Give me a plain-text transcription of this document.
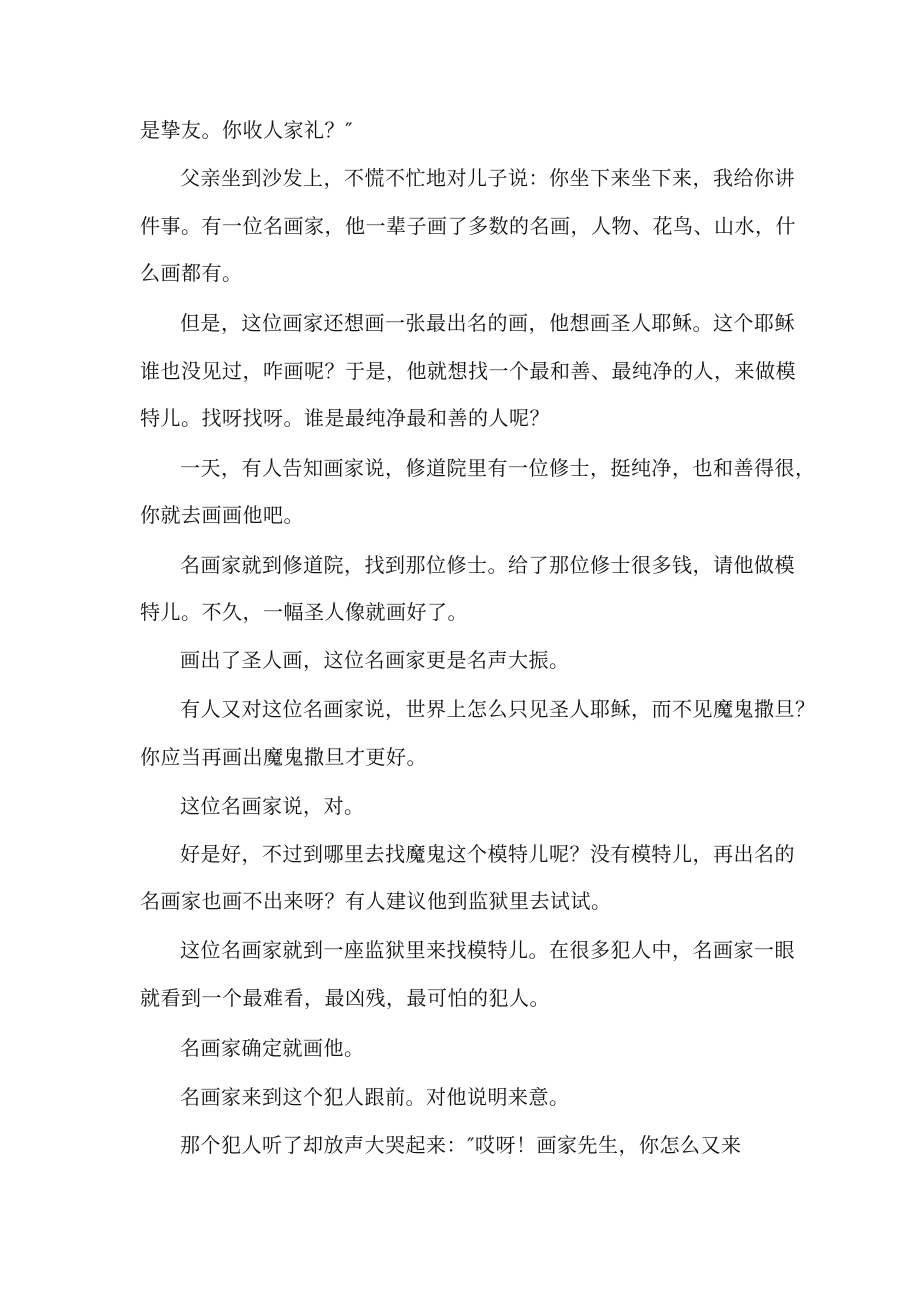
是挚友。你收人家礼？″
父亲坐到沙发上，不慌不忙地对儿子说：你坐下来坐下来，我给你讲
件事。有一位名画家，他一辈子画了多数的名画，人物、花鸟、山水，什
么画都有。
但是，这位画家还想画一张最出名的画，他想画圣人耶稣。这个耶稣
谁也没见过，咋画呢？于是，他就想找一个最和善、最纯净的人，来做模
特儿。找呀找呀。谁是最纯净最和善的人呢？
一天，有人告知画家说，修道院里有一位修士，挺纯净，也和善得很，
你就去画画他吧。
名画家就到修道院，找到那位修士。给了那位修士很多钱，请他做模
特儿。不久，一幅圣人像就画好了。
画出了圣人画，这位名画家更是名声大振。
有人又对这位名画家说，世界上怎么只见圣人耶稣，而不见魔鬼撒旦？
你应当再画出魔鬼撒旦才更好。
这位名画家说，对。
好是好，不过到哪里去找魔鬼这个模特儿呢？没有模特儿，再出名的
名画家也画不出来呀？有人建议他到监狱里去试试。
这位名画家就到一座监狱里来找模特儿。在很多犯人中，名画家一眼
就看到一个最难看，最凶残，最可怕的犯人。
名画家确定就画他。
名画家来到这个犯人跟前。对他说明来意。
那个犯人听了却放声大哭起来：″哎呀！画家先生，你怎么又来
